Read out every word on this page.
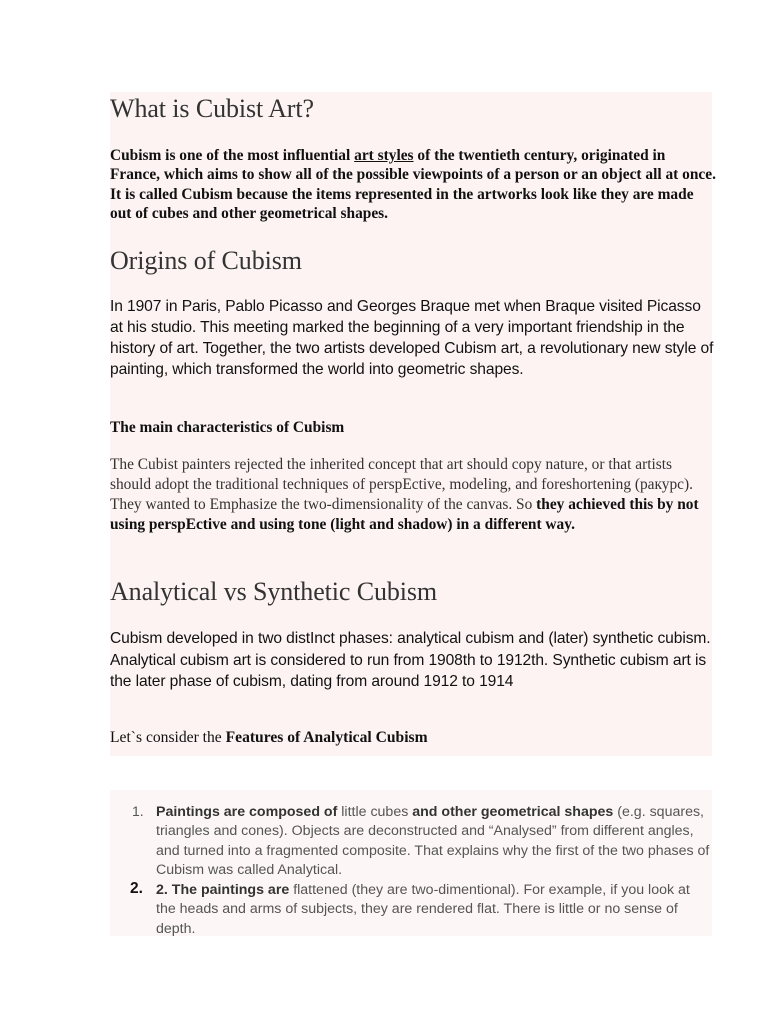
What is Cubist Art?

Cubism is one of the most influential art styles of the twentieth century, originated in France, which aims to show all of the possible viewpoints of a person or an object all at once. It is called Cubism because the items represented in the artworks look like they are made out of cubes and other geometrical shapes.

Origins of Cubism

In 1907 in Paris, Pablo Picasso and Georges Braque met when Braque visited Picasso at his studio. This meeting marked the beginning of a very important friendship in the history of art. Together, the two artists developed Cubism art, a revolutionary new style of painting, which transformed the world into geometric shapes.

The main characteristics of Cubism

The Cubist painters rejected the inherited concept that art should copy nature, or that artists should adopt the traditional techniques of perspEctive, modeling, and foreshortening (ракурс). They wanted to Emphasize the two-dimensionality of the canvas. So they achieved this by not using perspEctive and using tone (light and shadow) in a different way.

Analytical vs Synthetic Cubism

Cubism developed in two distInct phases: analytical cubism and (later) synthetic cubism. Analytical cubism art is considered to run from 1908th to 1912th. Synthetic cubism art is the later phase of cubism, dating from around 1912 to 1914

Let`s consider the Features of Analytical Cubism

1. Paintings are composed of little cubes and other geometrical shapes (e.g. squares, triangles and cones). Objects are deconstructed and “Analysed” from different angles, and turned into a fragmented composite. That explains why the first of the two phases of Cubism was called Analytical.

2. 2. The paintings are flattened (they are two-dimentional). For example, if you look at the heads and arms of subjects, they are rendered flat. There is little or no sense of depth.
